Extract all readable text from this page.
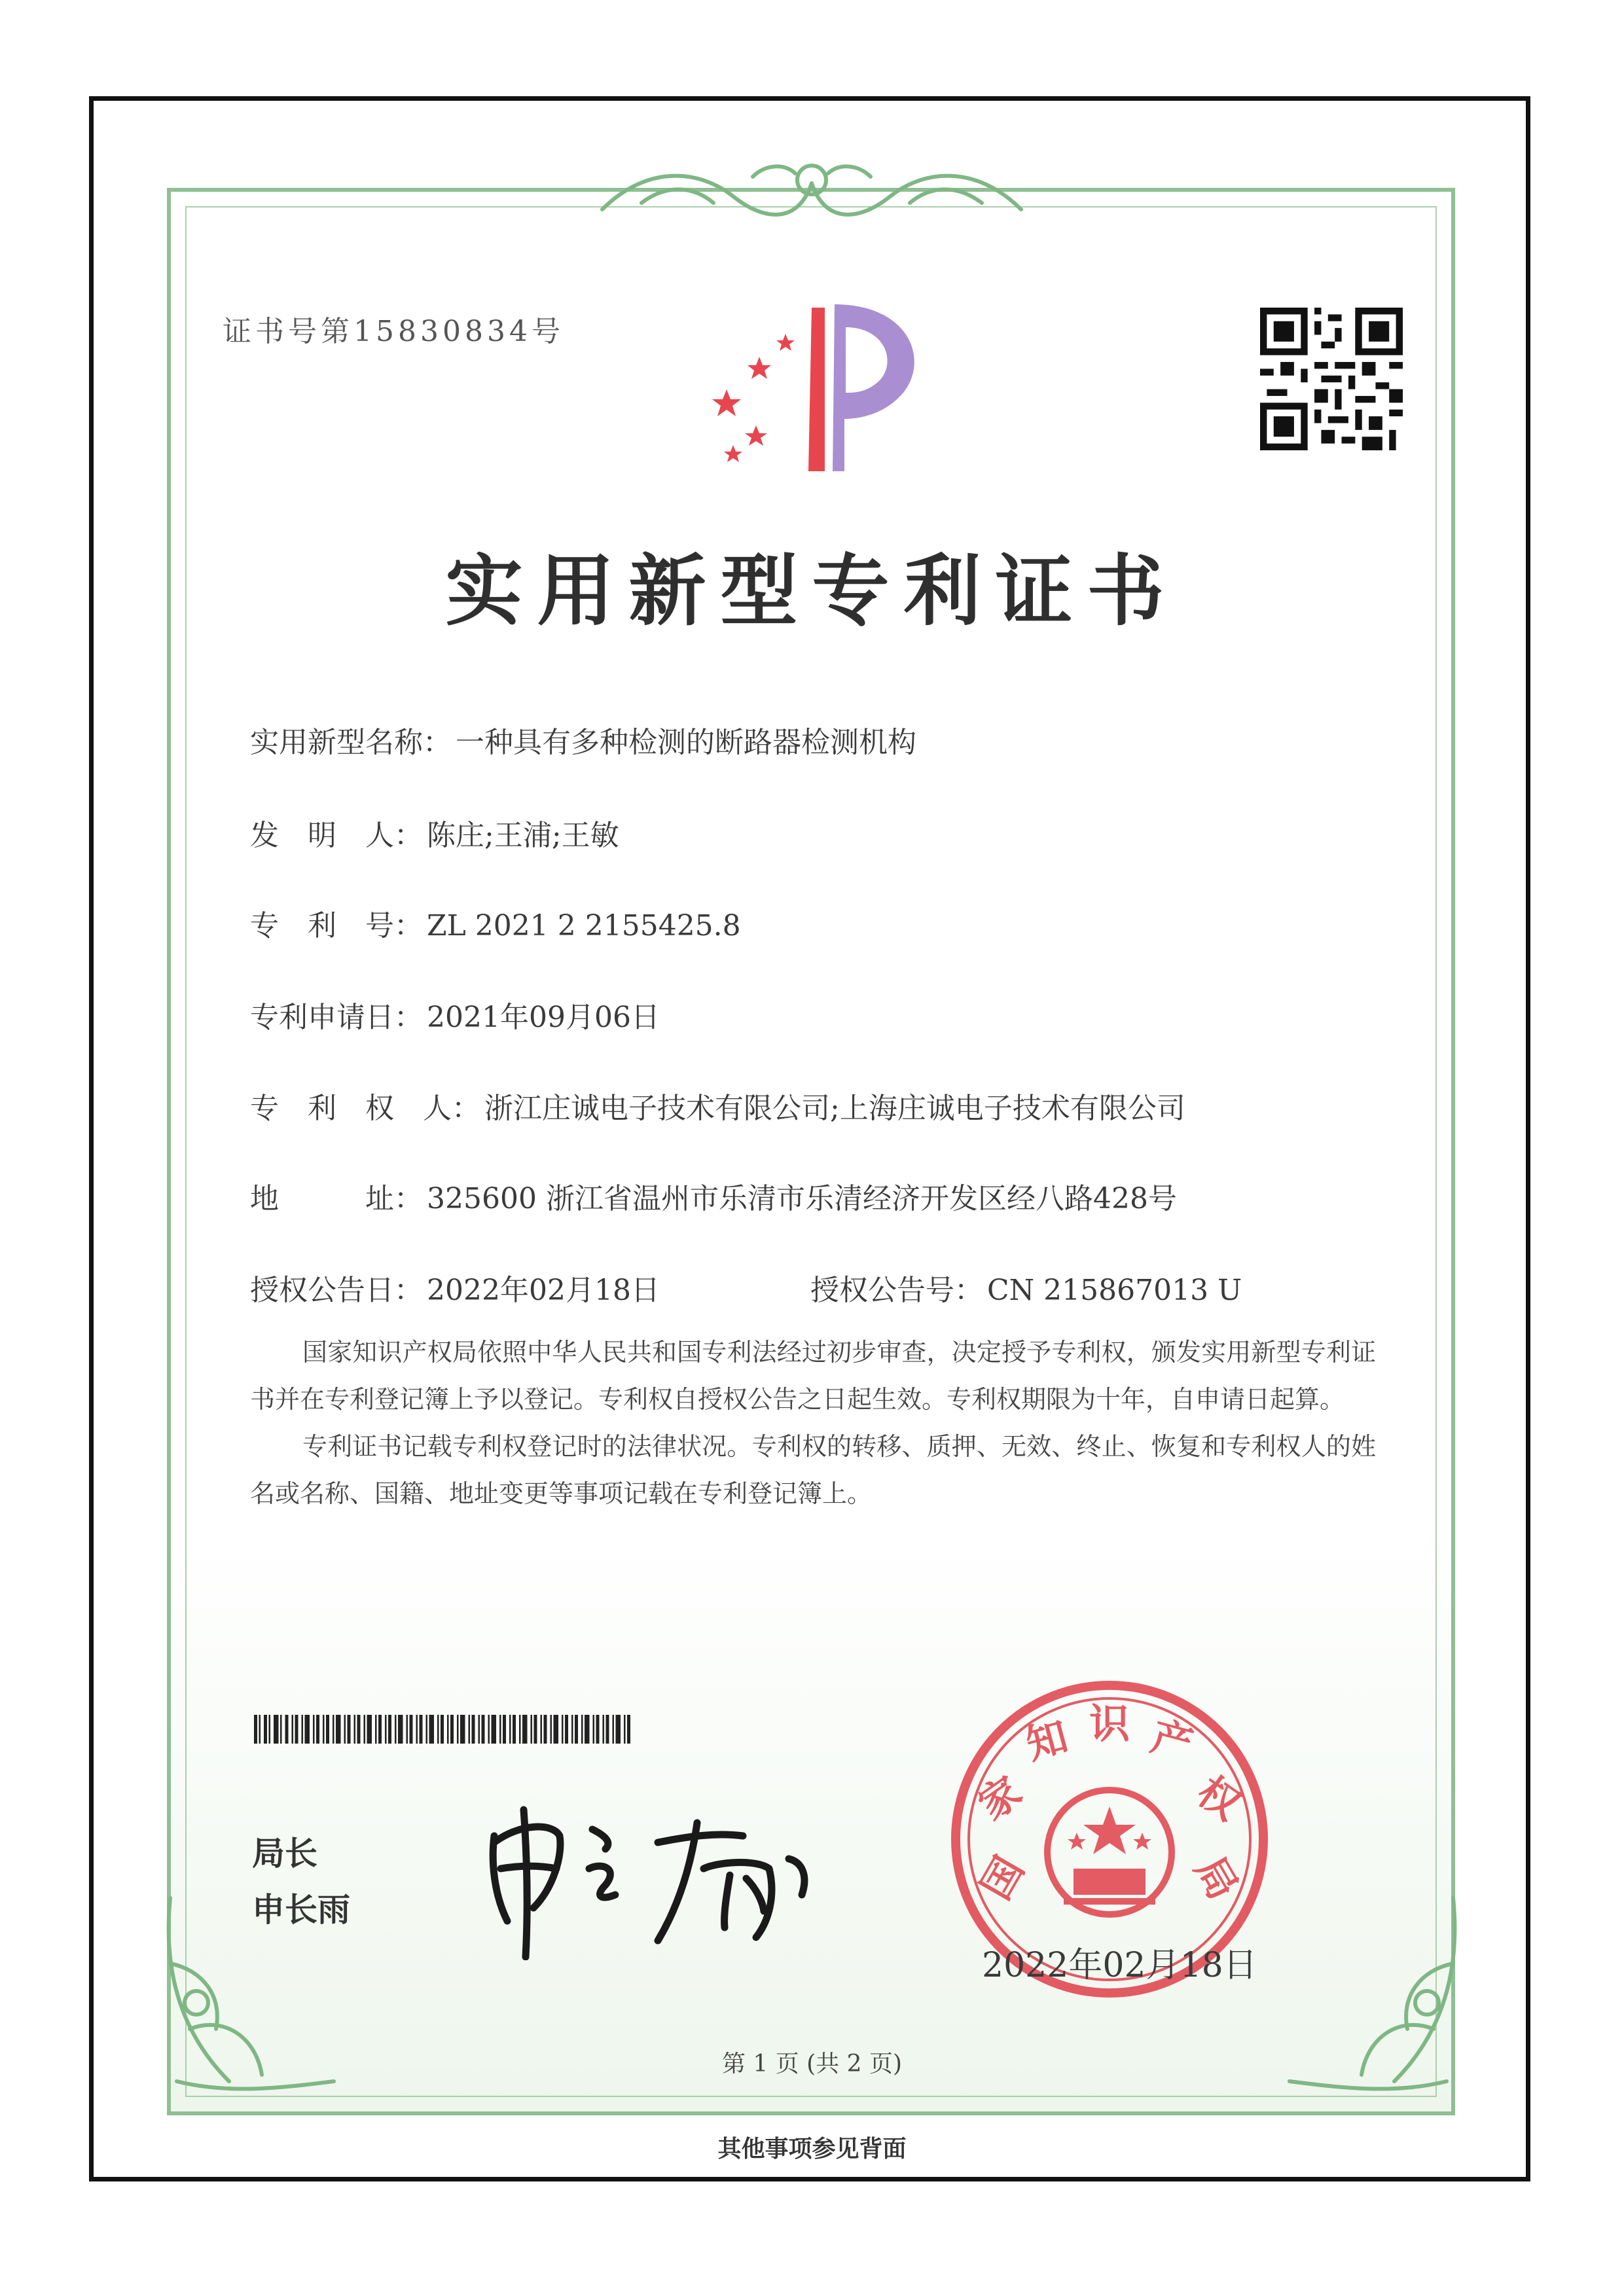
证书号第15830834号
实用新型专利证书
实用新型名称： 一种具有多种检测的断路器检测机构
发　明　人： 陈庄;王浦;王敏
专　利　号： ZL 2021 2 2155425.8
专利申请日： 2021年09月06日
专　利　权　人： 浙江庄诚电子技术有限公司;上海庄诚电子技术有限公司
地　　　址： 325600 浙江省温州市乐清市乐清经济开发区经八路428号
授权公告日： 2022年02月18日	授权公告号： CN 215867013 U

国家知识产权局依照中华人民共和国专利法经过初步审查，决定授予专利权，颁发实用新型专利证书并在专利登记簿上予以登记。专利权自授权公告之日起生效。专利权期限为十年，自申请日起算。

专利证书记载专利权登记时的法律状况。专利权的转移、质押、无效、终止、恢复和专利权人的姓名或名称、国籍、地址变更等事项记载在专利登记簿上。

局长
申长雨
国
家
知 识 产
权
局
2022年02月18日
第 1 页 (共 2 页)
其他事项参见背面
